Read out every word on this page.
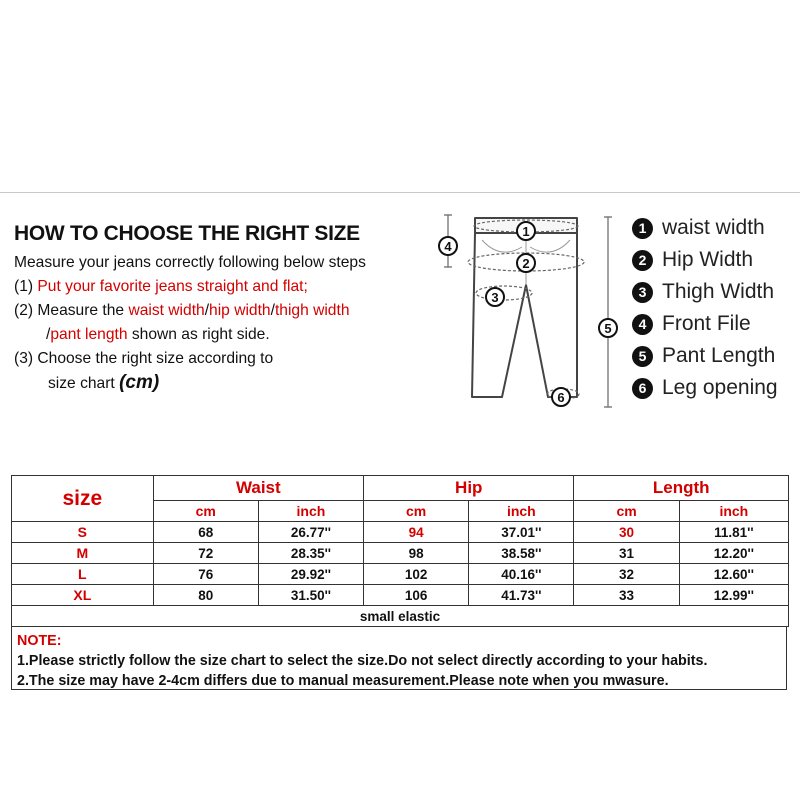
HOW TO CHOOSE THE RIGHT SIZE
Measure your jeans correctly following below steps
(1) Put your favorite jeans straight and flat;
(2) Measure the waist width/hip width/thigh width
/pant length shown as right side.
(3) Choose the right size according to
size chart (cm)
1
2
3
4
5
6
1 waist width
2 Hip Width
3 Thigh Width
4 Front File
5 Pant Length
6 Leg opening
size	Waist		Hip		Length	
	cm	inch	cm	inch	cm	inch
S	68	26.77''	94	37.01''	30	11.81''
M	72	28.35''	98	38.58''	31	12.20''
L	76	29.92''	102	40.16''	32	12.60''
XL	80	31.50''	106	41.73''	33	12.99''
small elastic						
NOTE:
1.Please strictly follow the size chart to select the size.Do not select directly according to your habits.
2.The size may have 2-4cm differs due to manual measurement.Please note when you mwasure.
